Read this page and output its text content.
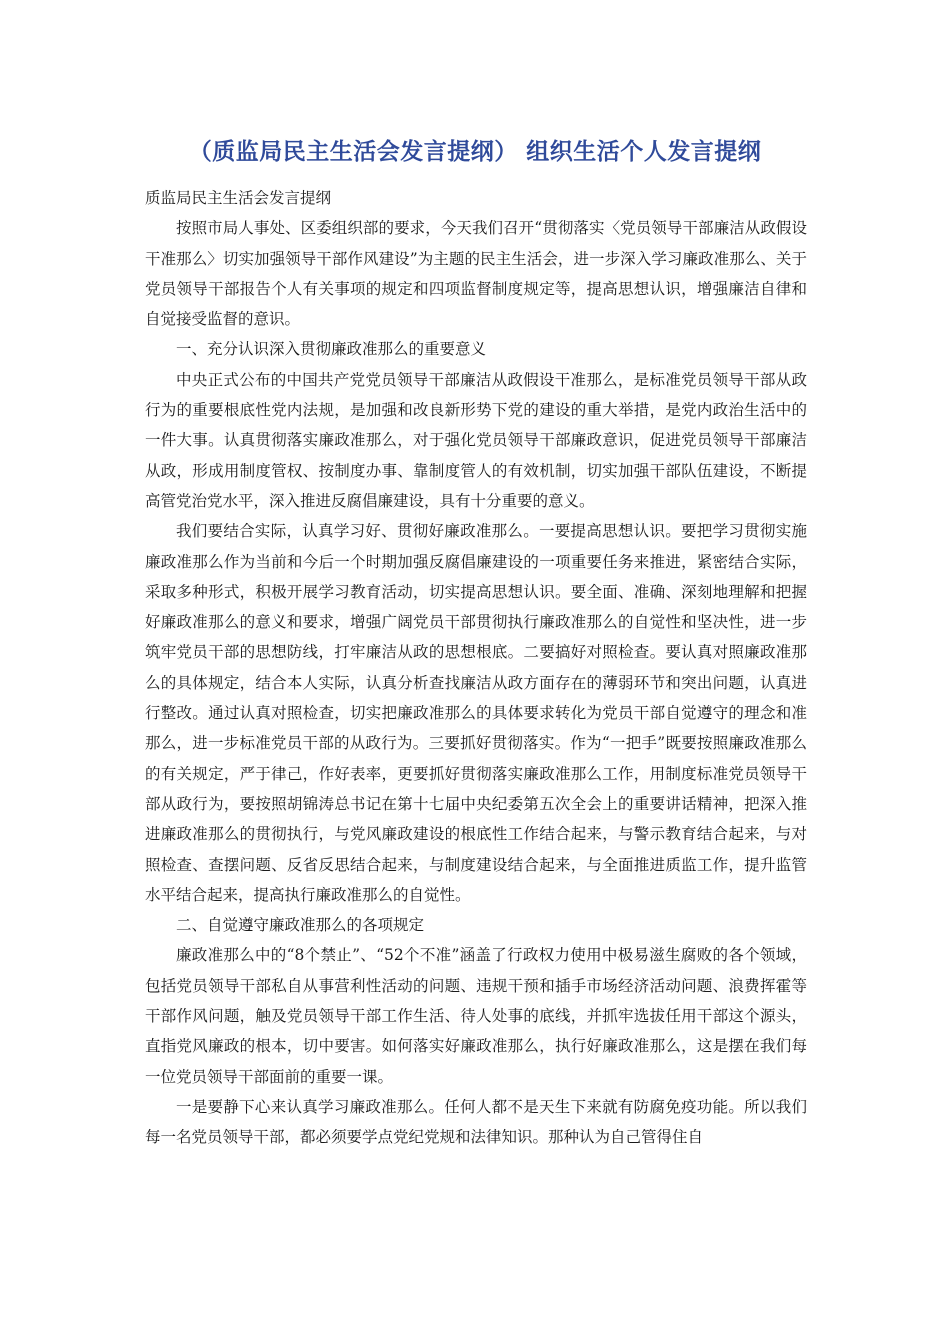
（质监局民主生活会发言提纲） 组织生活个人发言提纲

质监局民主生活会发言提纲

按照市局人事处、区委组织部的要求，今天我们召开“贯彻落实〈党员领导干部廉洁从政假设干准那么〉切实加强领导干部作风建设”为主题的民主生活会，进一步深入学习廉政准那么、关于党员领导干部报告个人有关事项的规定和四项监督制度规定等，提高思想认识，增强廉洁自律和自觉接受监督的意识。

一、充分认识深入贯彻廉政准那么的重要意义

中央正式公布的中国共产党党员领导干部廉洁从政假设干准那么，是标准党员领导干部从政行为的重要根底性党内法规，是加强和改良新形势下党的建设的重大举措，是党内政治生活中的一件大事。认真贯彻落实廉政准那么，对于强化党员领导干部廉政意识，促进党员领导干部廉洁从政，形成用制度管权、按制度办事、靠制度管人的有效机制，切实加强干部队伍建设，不断提高管党治党水平，深入推进反腐倡廉建设，具有十分重要的意义。

我们要结合实际，认真学习好、贯彻好廉政准那么。一要提高思想认识。要把学习贯彻实施廉政准那么作为当前和今后一个时期加强反腐倡廉建设的一项重要任务来推进，紧密结合实际，采取多种形式，积极开展学习教育活动，切实提高思想认识。要全面、准确、深刻地理解和把握好廉政准那么的意义和要求，增强广阔党员干部贯彻执行廉政准那么的自觉性和坚决性，进一步筑牢党员干部的思想防线，打牢廉洁从政的思想根底。二要搞好对照检查。要认真对照廉政准那么的具体规定，结合本人实际，认真分析查找廉洁从政方面存在的薄弱环节和突出问题，认真进行整改。通过认真对照检查，切实把廉政准那么的具体要求转化为党员干部自觉遵守的理念和准那么，进一步标准党员干部的从政行为。三要抓好贯彻落实。作为“一把手”既要按照廉政准那么的有关规定，严于律己，作好表率，更要抓好贯彻落实廉政准那么工作，用制度标准党员领导干部从政行为，要按照胡锦涛总书记在第十七届中央纪委第五次全会上的重要讲话精神，把深入推进廉政准那么的贯彻执行，与党风廉政建设的根底性工作结合起来，与警示教育结合起来，与对照检查、查摆问题、反省反思结合起来，与制度建设结合起来，与全面推进质监工作，提升监管水平结合起来，提高执行廉政准那么的自觉性。

二、自觉遵守廉政准那么的各项规定

廉政准那么中的“8个禁止”、“52个不准”涵盖了行政权力使用中极易滋生腐败的各个领域，包括党员领导干部私自从事营利性活动的问题、违规干预和插手市场经济活动问题、浪费挥霍等干部作风问题，触及党员领导干部工作生活、待人处事的底线，并抓牢选拔任用干部这个源头，直指党风廉政的根本，切中要害。如何落实好廉政准那么，执行好廉政准那么，这是摆在我们每一位党员领导干部面前的重要一课。

一是要静下心来认真学习廉政准那么。任何人都不是天生下来就有防腐免疫功能。所以我们每一名党员领导干部，都必须要学点党纪党规和法律知识。那种认为自己管得住自
